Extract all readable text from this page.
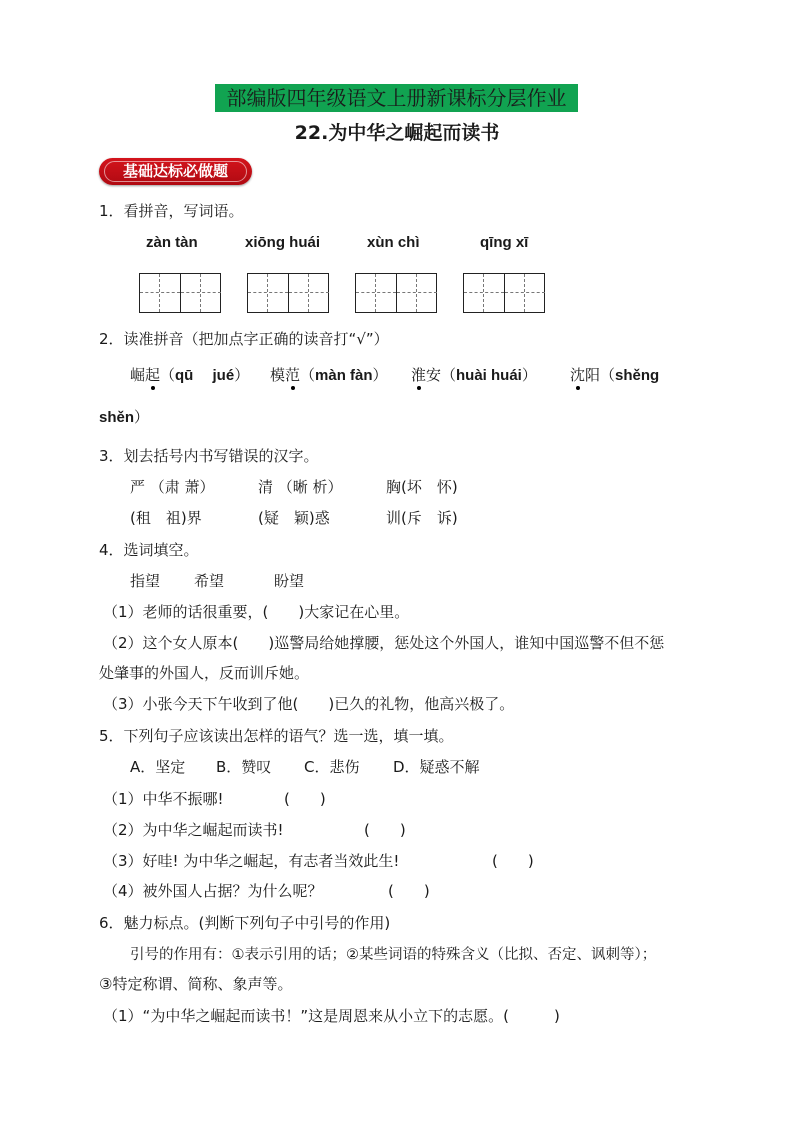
部编版四年级语文上册新课标分层作业
22.为中华之崛起而读书
基础达标必做题
1．看拼音，写词语。
zàn tàn	xiōnɡ huái	xùn chì	qīnɡ xī
2．读准拼音（把加点字正确的读音打“√”）
崛起（qū　 jué） 模范（màn fàn） 淮安（huài huái） 沈阳（shěng
shěn）
3．划去括号内书写错误的汉字。
严 （肃 萧）	清 （晰 析）	胸(坏　怀)
(租　祖)界	(疑　颖)惑	训(斥　诉)
4．选词填空。
指望 希望	盼望
（1）老师的话很重要，(　　)大家记在心里。
（2）这个女人原本(　　)巡警局给她撑腰，惩处这个外国人，谁知中国巡警不但不惩
处肇事的外国人，反而训斥她。
（3）小张今天下午收到了他(　　)已久的礼物，他高兴极了。
5．下列句子应该读出怎样的语气？选一选，填一填。
A．坚定 B．赞叹 C．悲伤 D．疑惑不解
（1）中华不振哪!	(　　)
（2）为中华之崛起而读书!	(　　)
（3）好哇! 为中华之崛起，有志者当效此生!	(　　)
（4）被外国人占据？为什么呢？	(　　)
6．魅力标点。(判断下列句子中引号的作用)
引号的作用有：①表示引用的话；②某些词语的特殊含义（比拟、否定、讽刺等）；
③特定称谓、简称、象声等。
（1）“为中华之崛起而读书！”这是周恩来从小立下的志愿。(　　　)
